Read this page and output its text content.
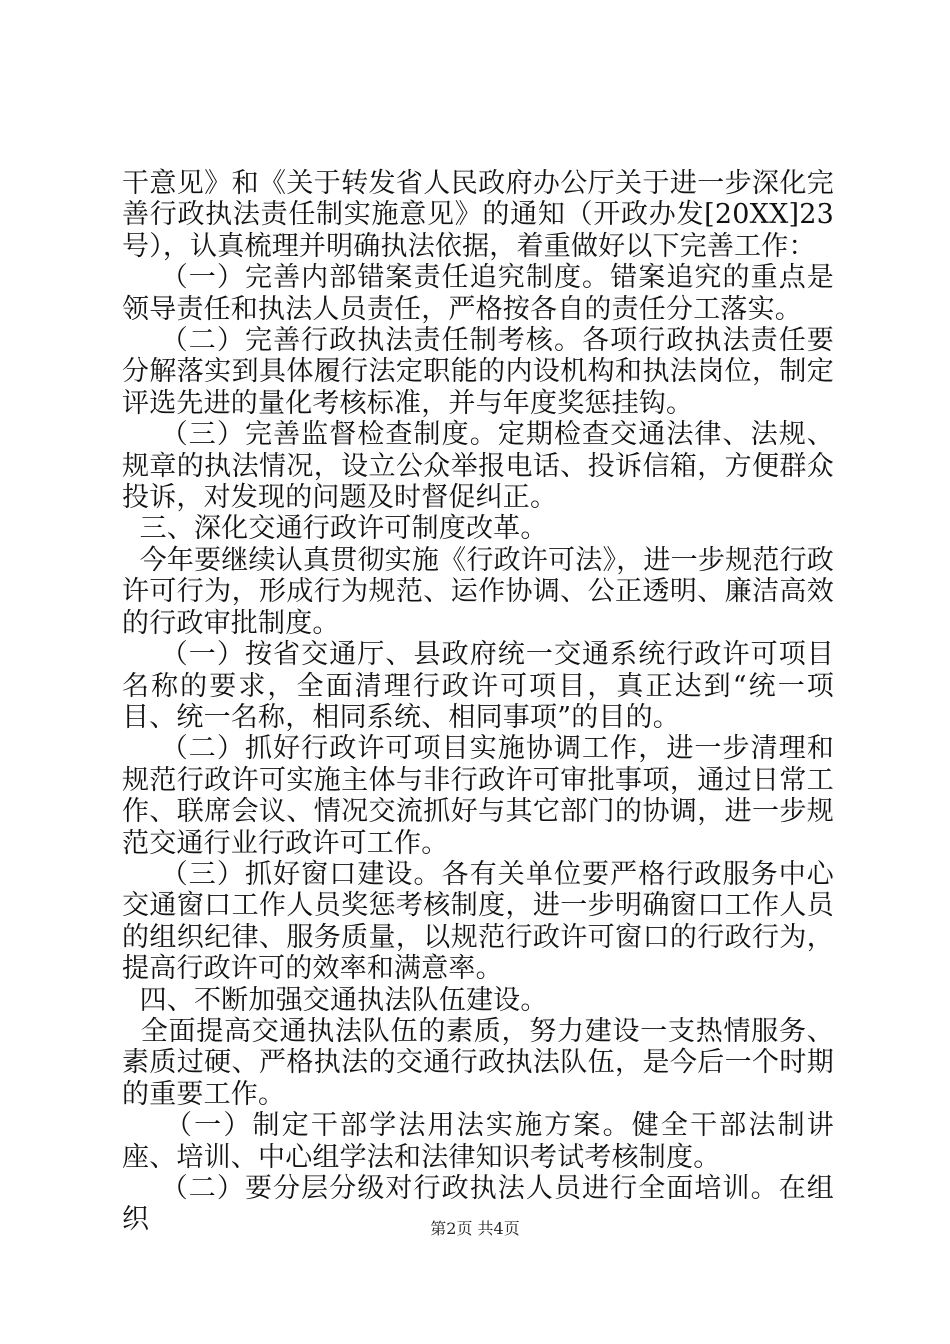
干意见》和《关于转发省人民政府办公厅关于进一步深化完善行政执法责任制实施意见》的通知（开政办发[20XX]23号），认真梳理并明确执法依据，着重做好以下完善工作：

（一）完善内部错案责任追究制度。错案追究的重点是领导责任和执法人员责任，严格按各自的责任分工落实。

（二）完善行政执法责任制考核。各项行政执法责任要分解落实到具体履行法定职能的内设机构和执法岗位，制定评选先进的量化考核标准，并与年度奖惩挂钩。

（三）完善监督检查制度。定期检查交通法律、法规、规章的执法情况，设立公众举报电话、投诉信箱，方便群众投诉，对发现的问题及时督促纠正。

三、深化交通行政许可制度改革。

今年要继续认真贯彻实施《行政许可法》，进一步规范行政许可行为，形成行为规范、运作协调、公正透明、廉洁高效的行政审批制度。

（一）按省交通厅、县政府统一交通系统行政许可项目名称的要求，全面清理行政许可项目，真正达到“统一项目、统一名称，相同系统、相同事项”的目的。

（二）抓好行政许可项目实施协调工作，进一步清理和规范行政许可实施主体与非行政许可审批事项，通过日常工作、联席会议、情况交流抓好与其它部门的协调，进一步规范交通行业行政许可工作。

（三）抓好窗口建设。各有关单位要严格行政服务中心交通窗口工作人员奖惩考核制度，进一步明确窗口工作人员的组织纪律、服务质量，以规范行政许可窗口的行政行为，提高行政许可的效率和满意率。

四、不断加强交通执法队伍建设。

全面提高交通执法队伍的素质，努力建设一支热情服务、素质过硬、严格执法的交通行政执法队伍，是今后一个时期的重要工作。

（一）制定干部学法用法实施方案。健全干部法制讲座、培训、中心组学法和法律知识考试考核制度。

（二）要分层分级对行政执法人员进行全面培训。在组织	第2页 共4页
